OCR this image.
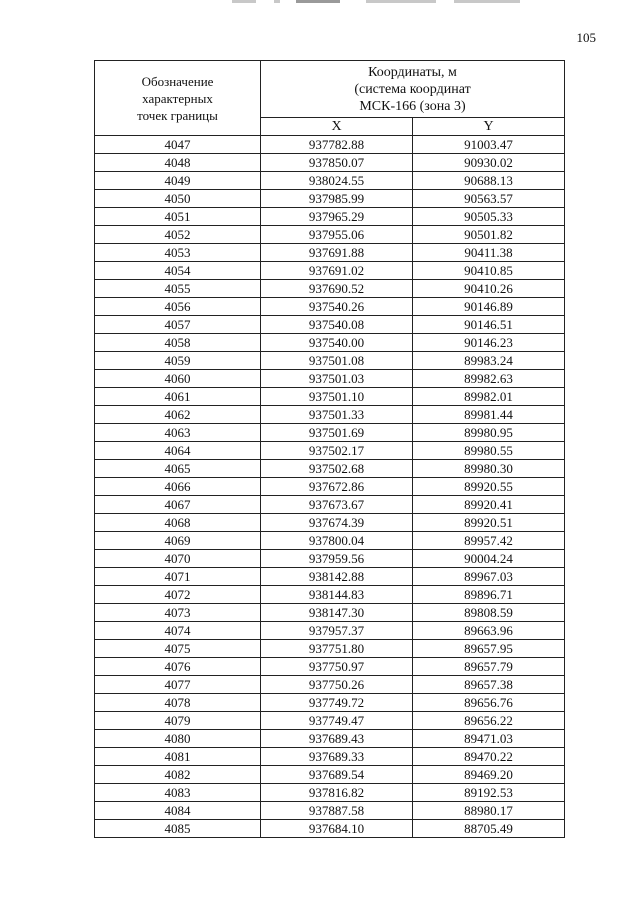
105
Обозначение
характерных
точек границы	Координаты, м
(система координат
МСК-166 (зона 3)	
	X	Y
4047	937782.88	91003.47
4048	937850.07	90930.02
4049	938024.55	90688.13
4050	937985.99	90563.57
4051	937965.29	90505.33
4052	937955.06	90501.82
4053	937691.88	90411.38
4054	937691.02	90410.85
4055	937690.52	90410.26
4056	937540.26	90146.89
4057	937540.08	90146.51
4058	937540.00	90146.23
4059	937501.08	89983.24
4060	937501.03	89982.63
4061	937501.10	89982.01
4062	937501.33	89981.44
4063	937501.69	89980.95
4064	937502.17	89980.55
4065	937502.68	89980.30
4066	937672.86	89920.55
4067	937673.67	89920.41
4068	937674.39	89920.51
4069	937800.04	89957.42
4070	937959.56	90004.24
4071	938142.88	89967.03
4072	938144.83	89896.71
4073	938147.30	89808.59
4074	937957.37	89663.96
4075	937751.80	89657.95
4076	937750.97	89657.79
4077	937750.26	89657.38
4078	937749.72	89656.76
4079	937749.47	89656.22
4080	937689.43	89471.03
4081	937689.33	89470.22
4082	937689.54	89469.20
4083	937816.82	89192.53
4084	937887.58	88980.17
4085	937684.10	88705.49
